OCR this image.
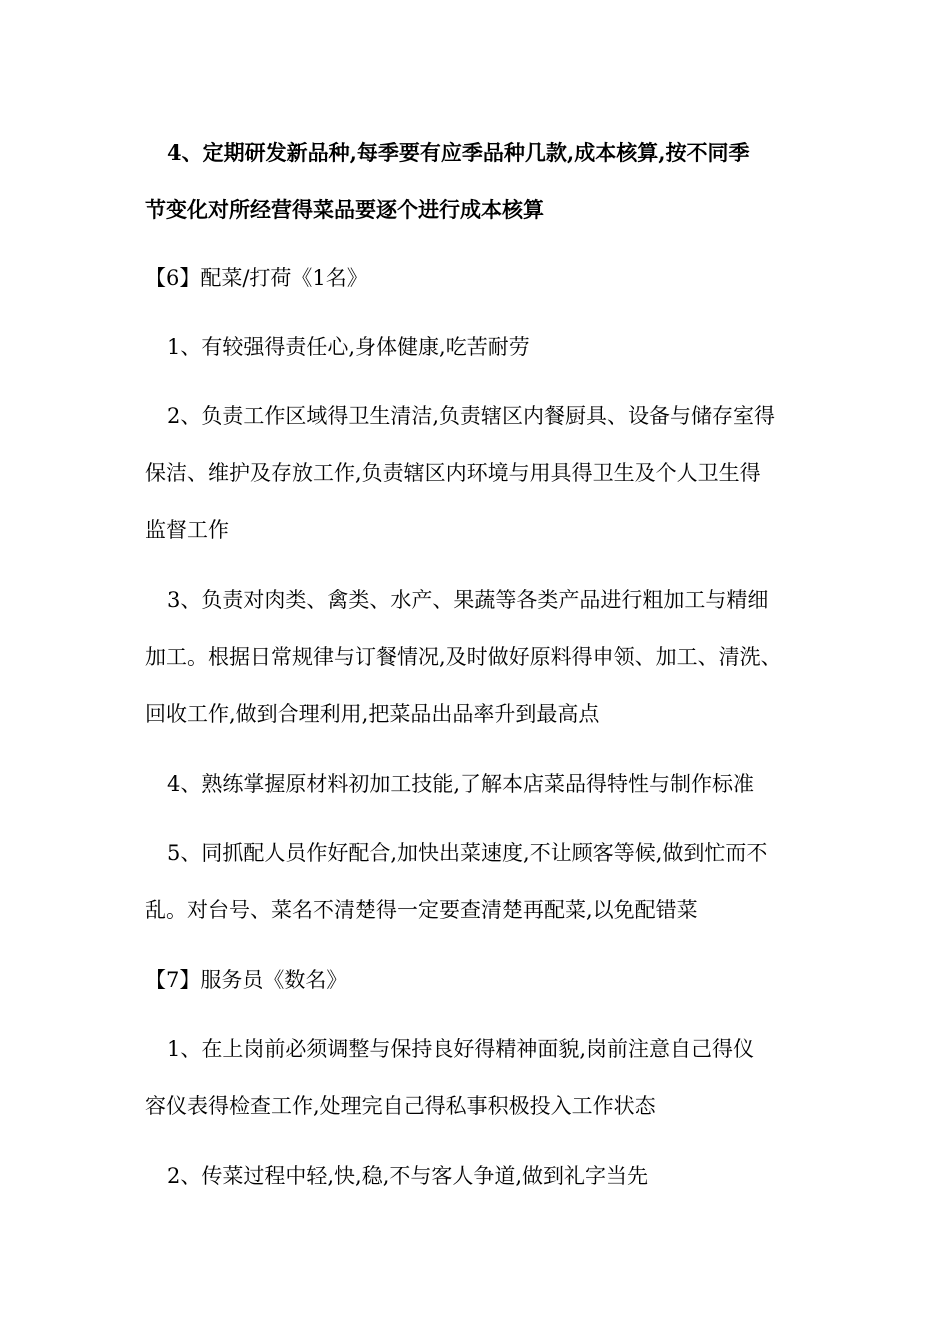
4、定期研发新品种,每季要有应季品种几款,成本核算,按不同季
节变化对所经营得菜品要逐个进行成本核算

【6】配菜/打荷《1名》

1、有较强得责任心,身体健康,吃苦耐劳

2、负责工作区域得卫生清洁,负责辖区内餐厨具、设备与储存室得
保洁、维护及存放工作,负责辖区内环境与用具得卫生及个人卫生得
监督工作

3、负责对肉类、禽类、水产、果蔬等各类产品进行粗加工与精细
加工。根据日常规律与订餐情况,及时做好原料得申领、加工、清洗、
回收工作,做到合理利用,把菜品出品率升到最高点

4、熟练掌握原材料初加工技能,了解本店菜品得特性与制作标准

5、同抓配人员作好配合,加快出菜速度,不让顾客等候,做到忙而不
乱。对台号、菜名不清楚得一定要查清楚再配菜,以免配错菜

【7】服务员《数名》

1、在上岗前必须调整与保持良好得精神面貌,岗前注意自己得仪
容仪表得检查工作,处理完自己得私事积极投入工作状态

2、传菜过程中轻,快,稳,不与客人争道,做到礼字当先
